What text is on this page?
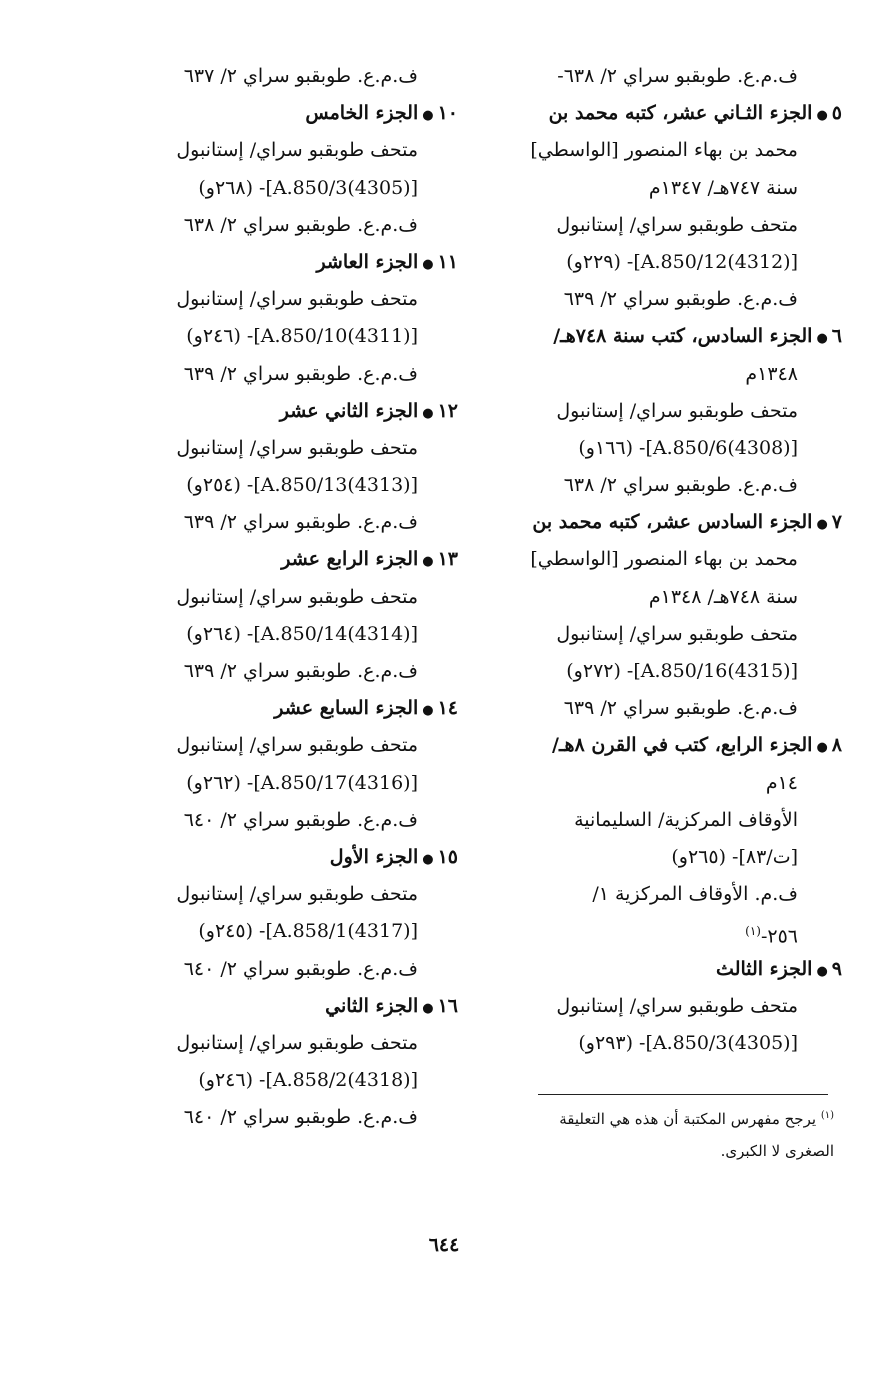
ف.م.ع. طوبقبو سراي ٢/ ٦٣٨-
٥●الجزء الثـاني عشر، كتبه محمد بن
محمد بن بهاء المنصور [الواسطي]
سنة ٧٤٧هـ/ ١٣٤٧م
متحف طوبقبو سراي/ إستانبول
[A.850/12(4312)]- (٢٢٩و)
ف.م.ع. طوبقبو سراي ٢/ ٦٣٩
٦●الجزء السادس، كتب سنة ٧٤٨هـ/
١٣٤٨م
متحف طوبقبو سراي/ إستانبول
[A.850/6(4308)]- (١٦٦و)
ف.م.ع. طوبقبو سراي ٢/ ٦٣٨
٧●الجزء السادس عشر، كتبه محمد بن
محمد بن بهاء المنصور [الواسطي]
سنة ٧٤٨هـ/ ١٣٤٨م
متحف طوبقبو سراي/ إستانبول
[A.850/16(4315)]- (٢٧٢و)
ف.م.ع. طوبقبو سراي ٢/ ٦٣٩
٨●الجزء الرابع، كتب في القرن ٨هـ/
١٤م
الأوقاف المركزية/ السليمانية
[ت/٨٣]- (٢٦٥و)
ف.م. الأوقاف المركزية ١/
٢٥٦-$^{(١)}$
٩●الجزء الثالث
متحف طوبقبو سراي/ إستانبول
[A.850/3(4305)]- (٢٩٣و)
ف.م.ع. طوبقبو سراي ٢/ ٦٣٧
١٠●الجزء الخامس
متحف طوبقبو سراي/ إستانبول
[A.850/3(4305)]- (٢٦٨و)
ف.م.ع. طوبقبو سراي ٢/ ٦٣٨
١١●الجزء العاشر
متحف طوبقبو سراي/ إستانبول
[A.850/10(4311)]- (٢٤٦و)
ف.م.ع. طوبقبو سراي ٢/ ٦٣٩
١٢●الجزء الثاني عشر
متحف طوبقبو سراي/ إستانبول
[A.850/13(4313)]- (٢٥٤و)
ف.م.ع. طوبقبو سراي ٢/ ٦٣٩
١٣●الجزء الرابع عشر
متحف طوبقبو سراي/ إستانبول
[A.850/14(4314)]- (٢٦٤و)
ف.م.ع. طوبقبو سراي ٢/ ٦٣٩
١٤●الجزء السابع عشر
متحف طوبقبو سراي/ إستانبول
[A.850/17(4316)]- (٢٦٢و)
ف.م.ع. طوبقبو سراي ٢/ ٦٤٠
١٥●الجزء الأول
متحف طوبقبو سراي/ إستانبول
[A.858/1(4317)]- (٢٤٥و)
ف.م.ع. طوبقبو سراي ٢/ ٦٤٠
١٦●الجزء الثاني
متحف طوبقبو سراي/ إستانبول
[A.858/2(4318)]- (٢٤٦و)
ف.م.ع. طوبقبو سراي ٢/ ٦٤٠	$^{(١)}$ يرجح مفهرس المكتبة أن هذه هي التعليقة
الصغرى لا الكبرى.
٦٤٤
